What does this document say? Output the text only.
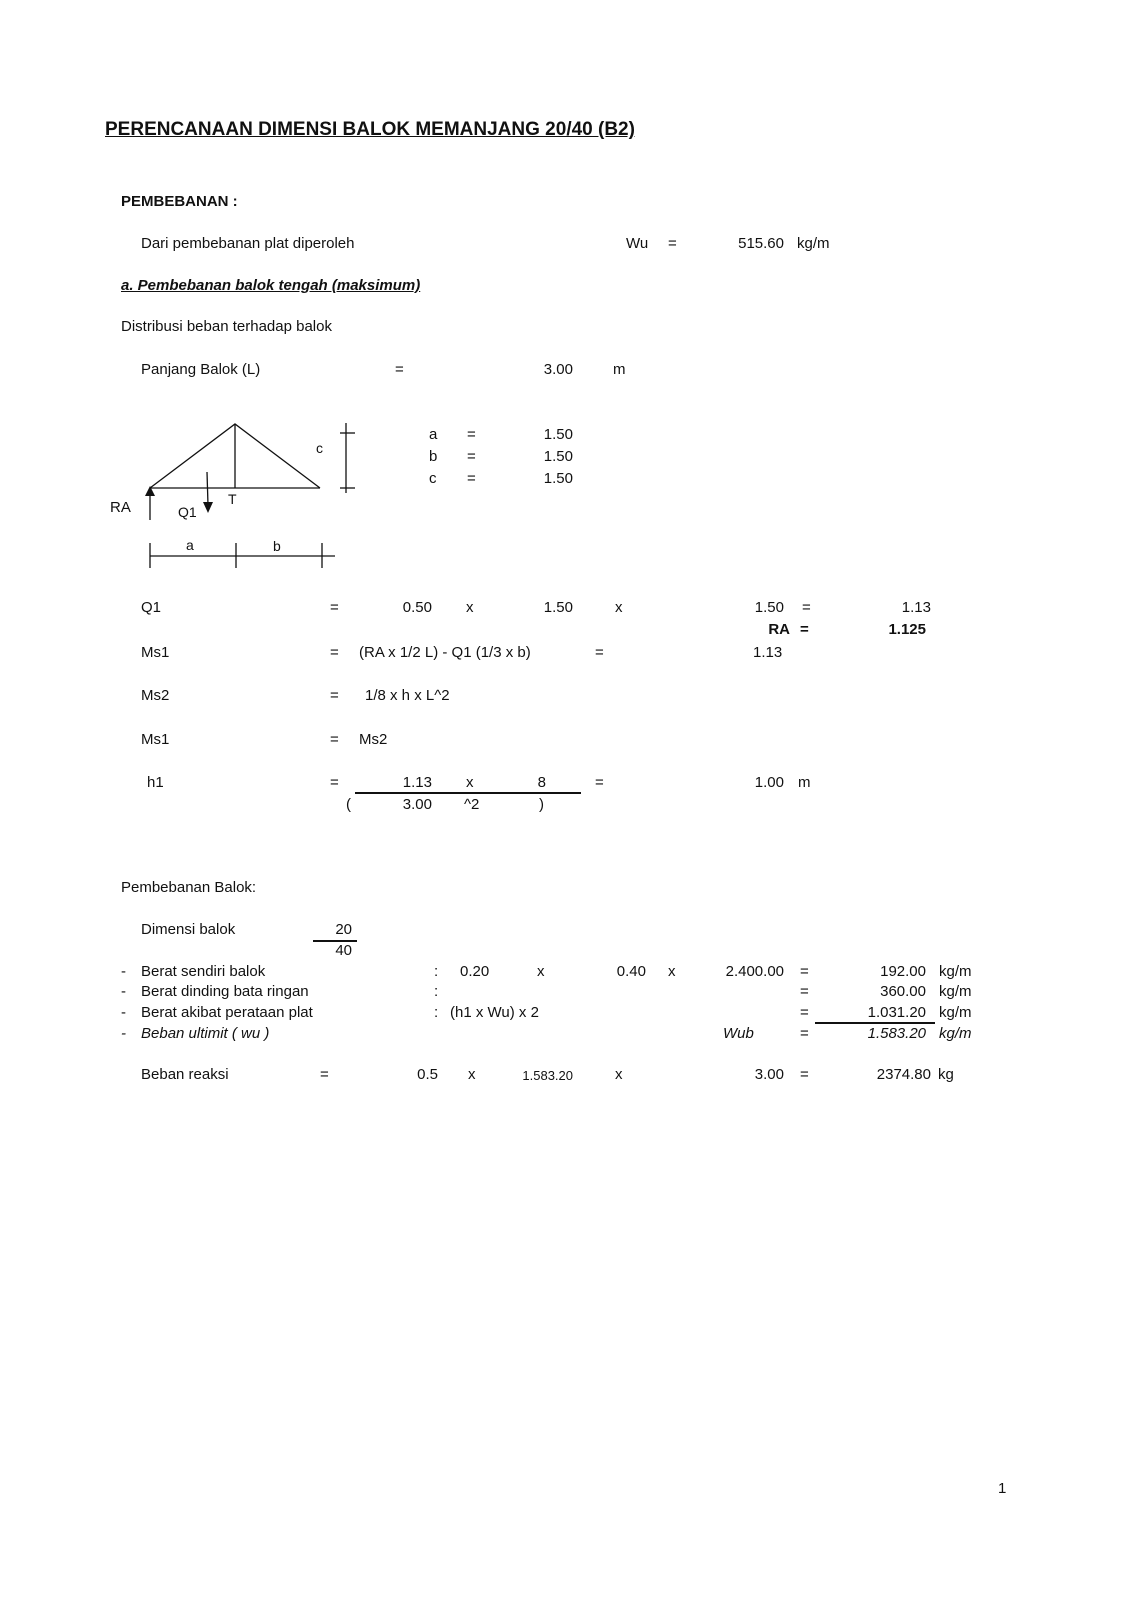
PERENCANAAN DIMENSI BALOK MEMANJANG 20/40 (B2)
PEMBEBANAN :
Dari pembebanan plat diperoleh	Wu =	515.60 kg/m
a. Pembebanan balok tengah (maksimum)
Distribusi beban terhadap balok
Panjang Balok (L)	=	3.00	m
a =	1.50
b =	1.50
c =	1.50
RA	Q1
T
a	b
c
Q1	=	0.50 x	1.50	x	1.50 =	1.13
RA =	1.125
Ms1	= (RA x 1/2 L) - Q1 (1/3 x b)	=	1.13
Ms2	= 1/8 x h x L^2
Ms1	= Ms2
h1	=	1.13 x	8	=	1.00 m
(	3.00 ^2	)
Pembebanan Balok:
Dimensi balok	20
40
- Berat sendiri balok	: 0.20	x	0.40 x	2.400.00 =	192.00 kg/m
- Berat dinding bata ringan	:	=	360.00 kg/m
- Berat akibat perataan plat	: (h1 x Wu) x 2	=	1.031.20 kg/m
- Beban ultimit ( wu )	Wub	=	1.583.20 kg/m
Beban reaksi	=	0.5 x	1.583.20	x	3.00 =	2374.80 kg
1
